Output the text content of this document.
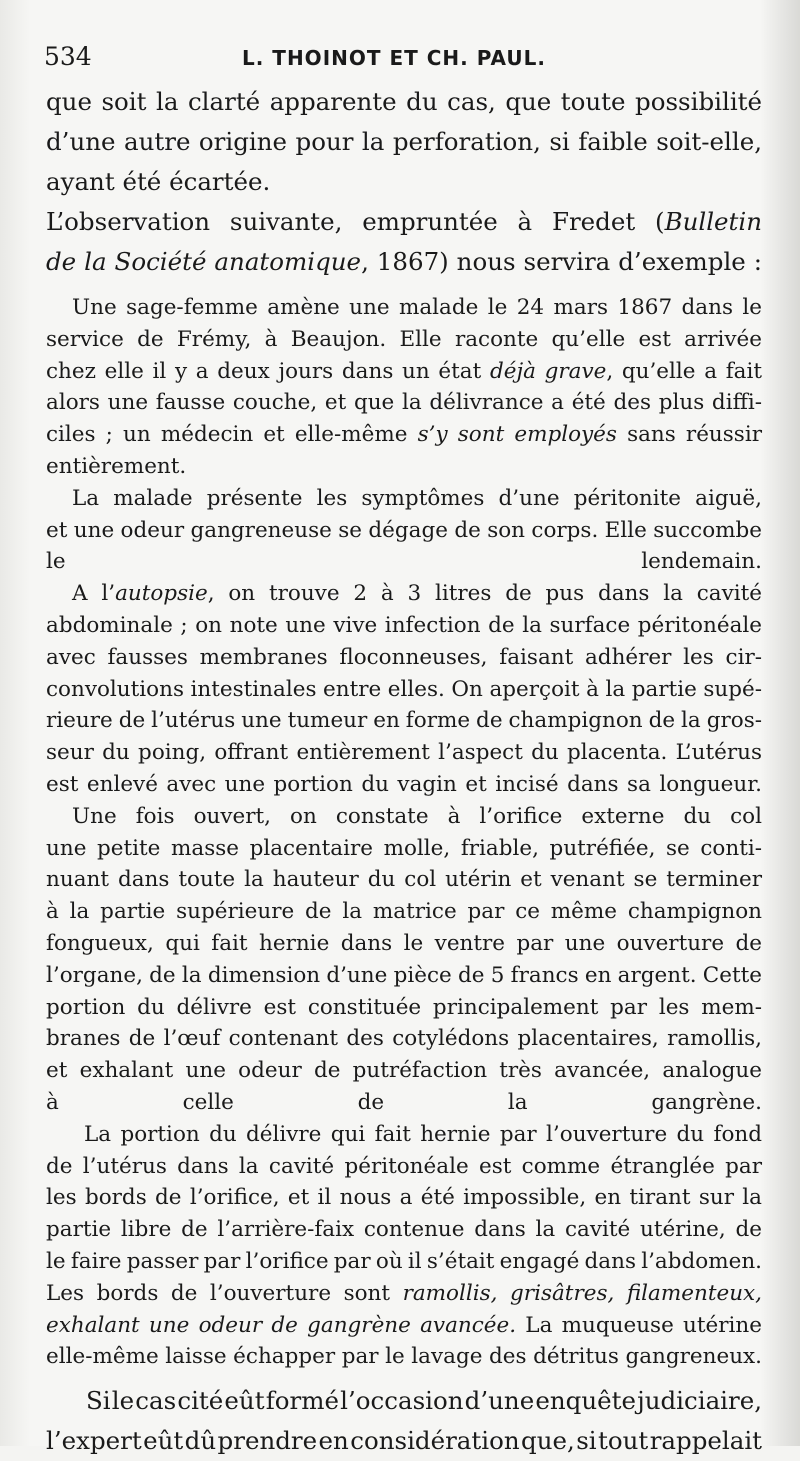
534	L. THOINOT ET CH. PAUL.

que soit la clarté apparente du cas, que toute possibilité
d’une autre origine pour la perforation, si faible soit-elle,
ayant été écartée.

L’observation suivante, empruntée à Fredet (Bulletin
de la Société anatomique, 1867) nous servira d’exemple :

Une sage-femme amène une malade le 24 mars 1867 dans le
service de Frémy, à Beaujon. Elle raconte qu’elle est arrivée
chez elle il y a deux jours dans un état déjà grave, qu’elle a fait
alors une fausse couche, et que la délivrance a été des plus diffi-
ciles ; un médecin et elle-même s’y sont employés sans réussir
entièrement.

La malade présente les symptômes d’une péritonite aiguë,
et une odeur gangreneuse se dégage de son corps. Elle succombe
le lendemain.

A l’autopsie, on trouve 2 à 3 litres de pus dans la cavité
abdominale ; on note une vive infection de la surface péritonéale
avec fausses membranes floconneuses, faisant adhérer les cir-
convolutions intestinales entre elles. On aperçoit à la partie supé-
rieure de l’utérus une tumeur en forme de champignon de la gros-
seur du poing, offrant entièrement l’aspect du placenta. L’utérus
est enlevé avec une portion du vagin et incisé dans sa longueur.

Une fois ouvert, on constate à l’orifice externe du col
une petite masse placentaire molle, friable, putréfiée, se conti-
nuant dans toute la hauteur du col utérin et venant se terminer
à la partie supérieure de la matrice par ce même champignon
fongueux, qui fait hernie dans le ventre par une ouverture de
l’organe, de la dimension d’une pièce de 5 francs en argent. Cette
portion du délivre est constituée principalement par les mem-
branes de l’œuf contenant des cotylédons placentaires, ramollis,
et exhalant une odeur de putréfaction très avancée, analogue
à celle de la gangrène.

La portion du délivre qui fait hernie par l’ouverture du fond
de l’utérus dans la cavité péritonéale est comme étranglée par
les bords de l’orifice, et il nous a été impossible, en tirant sur la
partie libre de l’arrière-faix contenue dans la cavité utérine, de
le faire passer par l’orifice par où il s’était engagé dans l’abdomen.
Les bords de l’ouverture sont ramollis, grisâtres, filamenteux,
exhalant une odeur de gangrène avancée. La muqueuse utérine
elle-même laisse échapper par le lavage des détritus gangreneux.

Si le cas cité eût formé l’occasion d’une enquête judiciaire,
l’expert eût dû prendre en considération que, si tout rappelait
